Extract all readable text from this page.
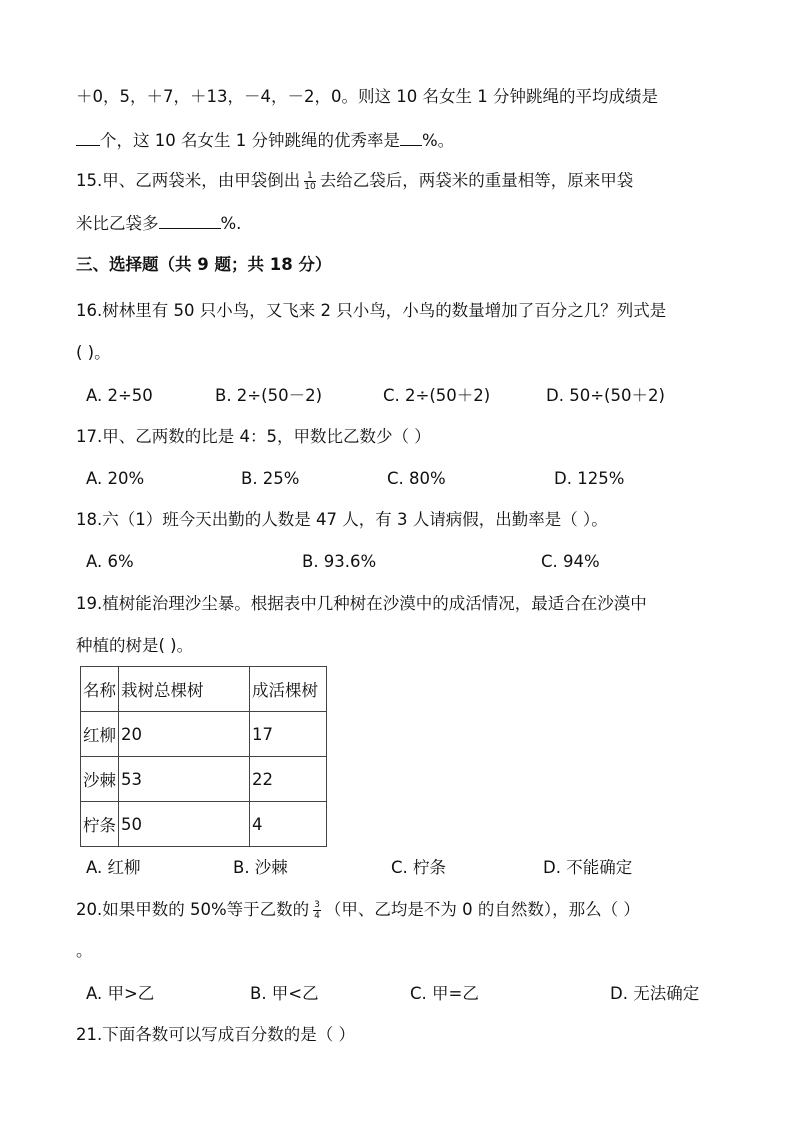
＋0，5，＋7，＋13，－4，－2，0。则这 10 名女生 1 分钟跳绳的平均成绩是
个，这 10 名女生 1 分钟跳绳的优秀率是 %。
15.甲、乙两袋米，由甲袋倒出 $\frac{1}{10}$ 去给乙袋后，两袋米的重量相等，原来甲袋
米比乙袋多	%.
三、选择题（共 9 题；共 18 分）
16.树林里有 50 只小鸟，又飞来 2 只小鸟，小鸟的数量增加了百分之几？列式是
( )。
A. 2÷50	B. 2÷(50－2)	C. 2÷(50＋2)	D. 50÷(50＋2)
17.甲、乙两数的比是 4：5，甲数比乙数少（ ）
A. 20%	B. 25%	C. 80%	D. 125%
18.六（1）班今天出勤的人数是 47 人，有 3 人请病假，出勤率是（ ）。
A. 6%	B. 93.6%	C. 94%
19.植树能治理沙尘暴。根据表中几种树在沙漠中的成活情况，最适合在沙漠中
种植的树是( )。
名称	栽树总棵树	成活棵树
红柳	20	17
沙棘	53	22
柠条	50	4
A. 红柳	B. 沙棘	C. 柠条	D. 不能确定
20.如果甲数的 50%等于乙数的 $\frac{3}{4}$ （甲、乙均是不为 0 的自然数），那么（ ）
。
A. 甲>乙	B. 甲<乙	C. 甲=乙	D. 无法确定
21.下面各数可以写成百分数的是（ ）
